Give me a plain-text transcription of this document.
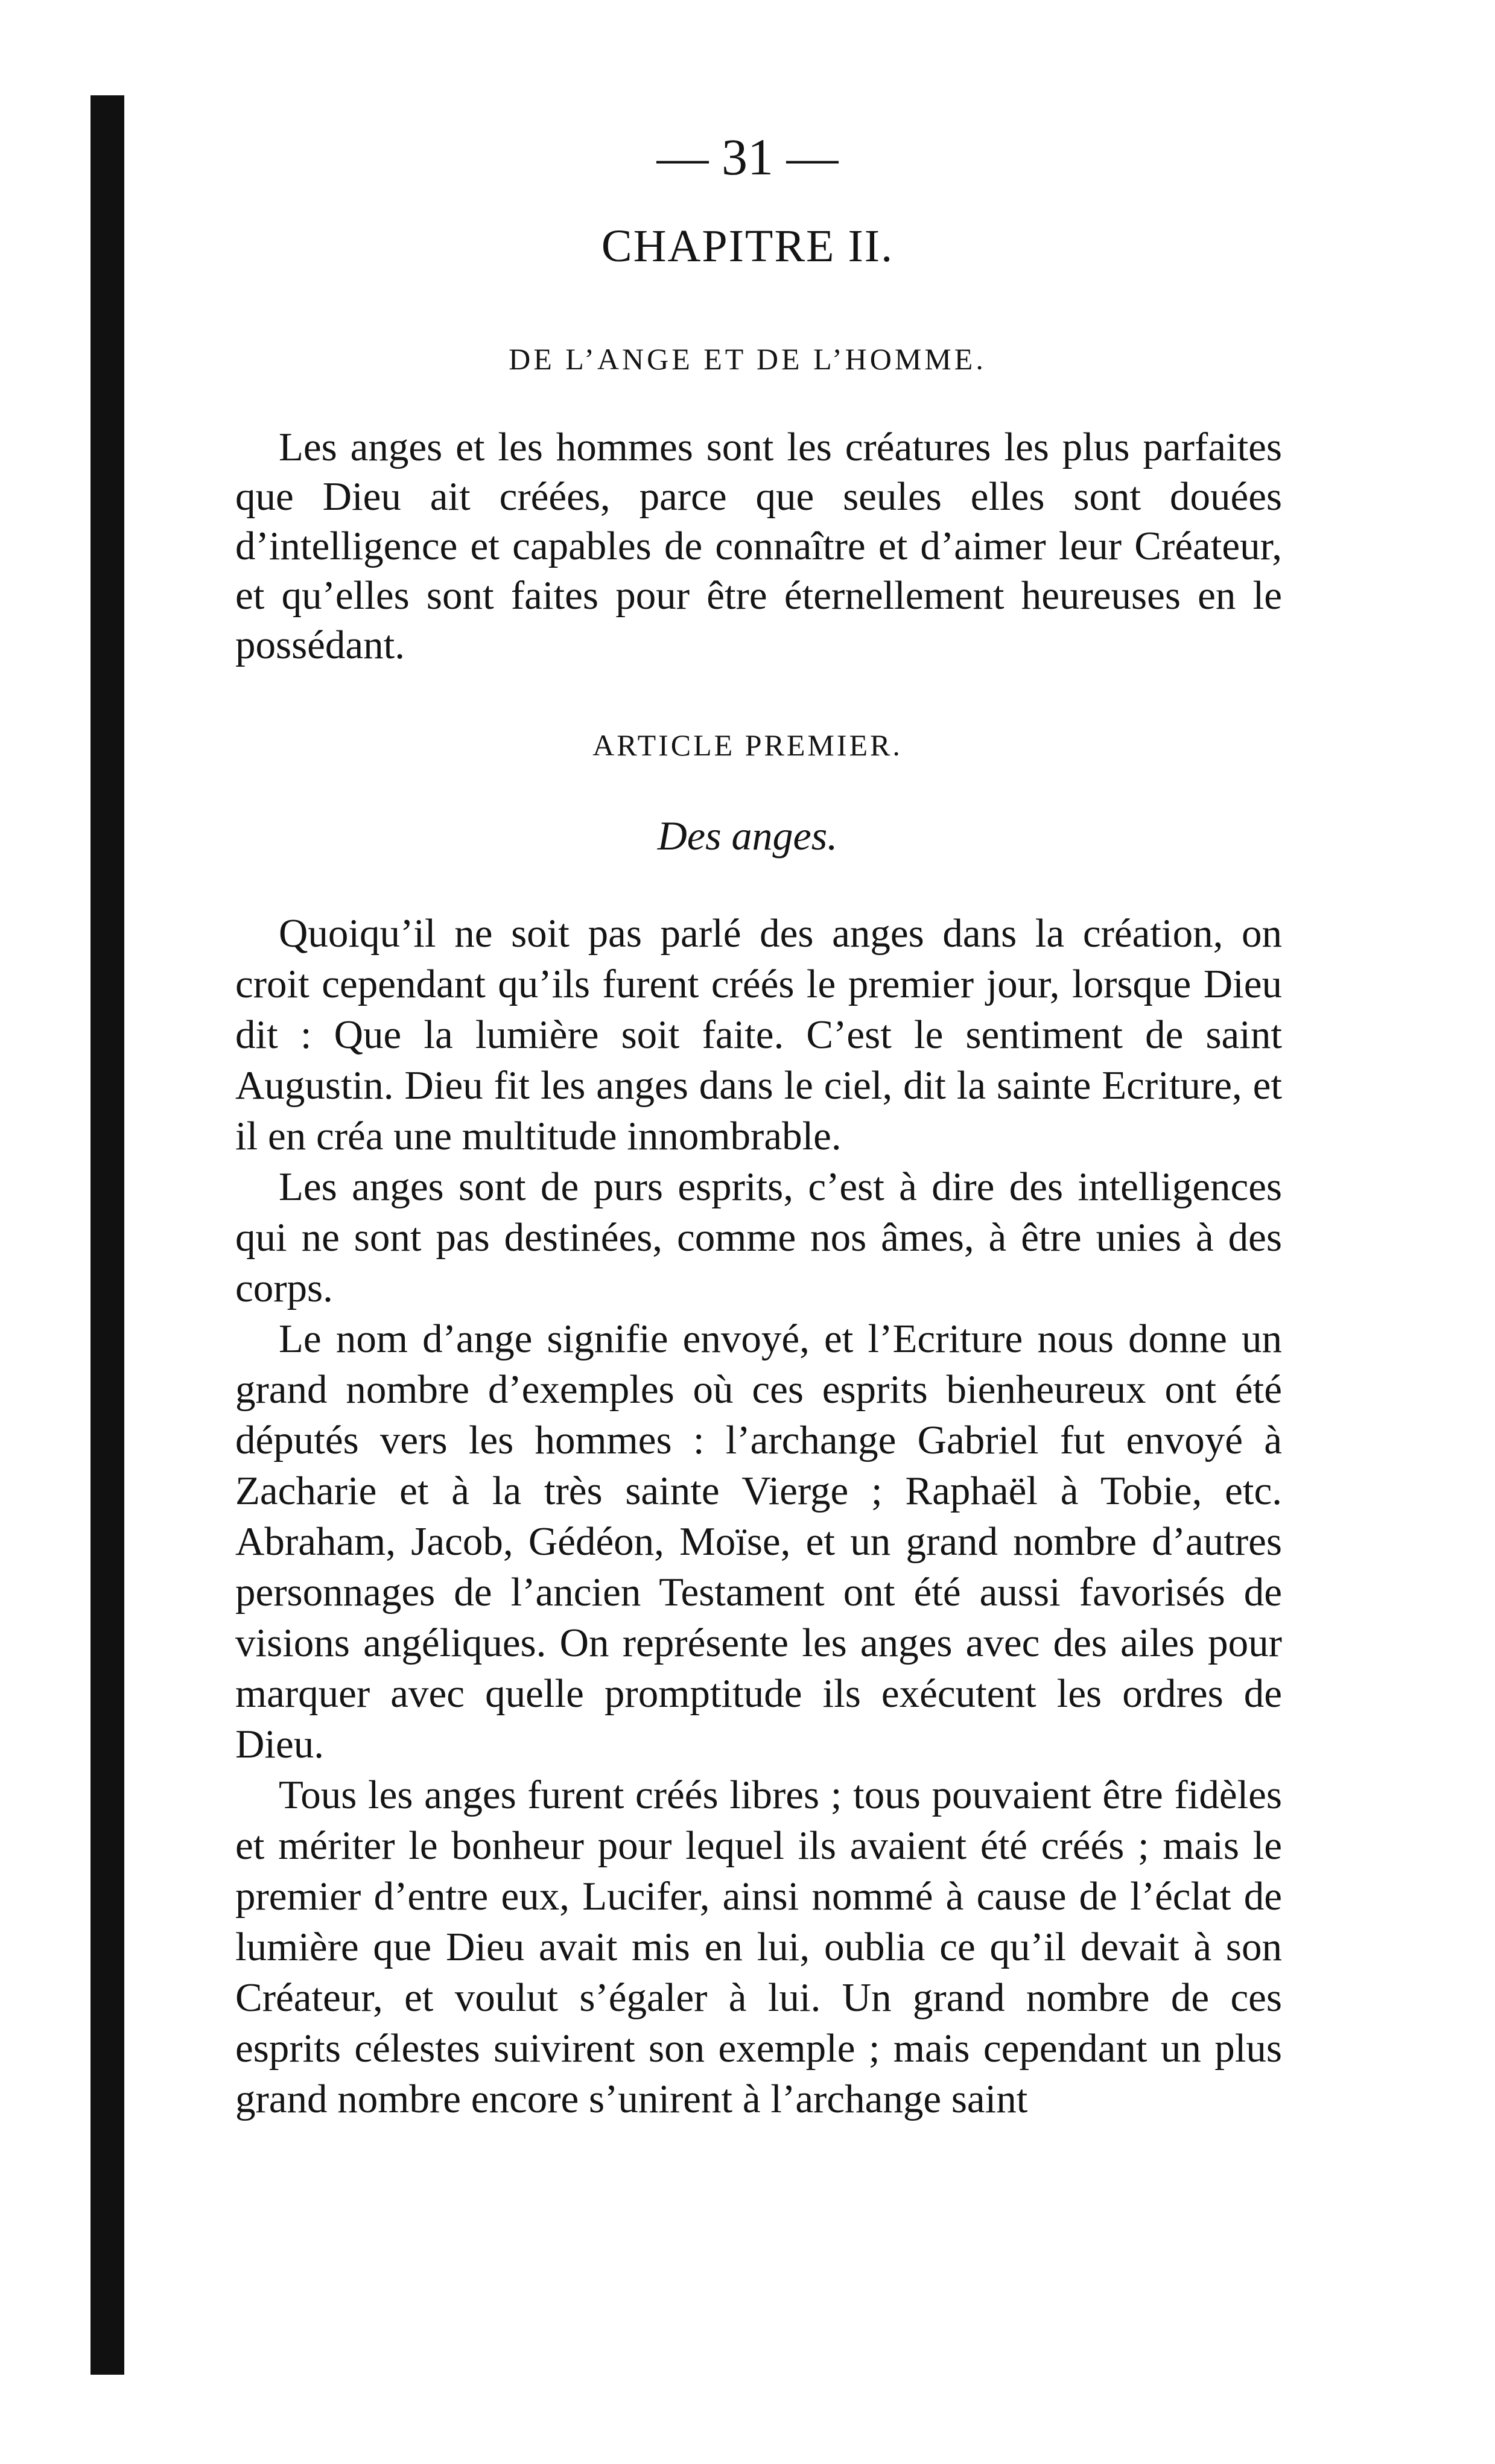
— 31 —
CHAPITRE II.
DE L’ANGE ET DE L’HOMME.

Les anges et les hommes sont les créatures les plus parfaites que Dieu ait créées, parce que seules elles sont douées d’intelligence et capables de connaître et d’aimer leur Créateur, et qu’elles sont faites pour être éternellement heureuses en le possédant.

ARTICLE PREMIER.
Des anges.

Quoiqu’il ne soit pas parlé des anges dans la création, on croit cependant qu’ils furent créés le premier jour, lorsque Dieu dit : Que la lumière soit faite. C’est le sentiment de saint Augustin. Dieu fit les anges dans le ciel, dit la sainte Ecriture, et il en créa une multitude innombrable.

Les anges sont de purs esprits, c’est à dire des intelligences qui ne sont pas destinées, comme nos âmes, à être unies à des corps.

Le nom d’ange signifie envoyé, et l’Ecriture nous donne un grand nombre d’exemples où ces esprits bienheureux ont été députés vers les hommes : l’archange Gabriel fut envoyé à Zacharie et à la très sainte Vierge ; Raphaël à Tobie, etc. Abraham, Jacob, Gédéon, Moïse, et un grand nombre d’autres personnages de l’ancien Testament ont été aussi favorisés de visions angéliques. On représente les anges avec des ailes pour marquer avec quelle promptitude ils exécutent les ordres de Dieu.

Tous les anges furent créés libres ; tous pouvaient être fidèles et mériter le bonheur pour lequel ils avaient été créés ; mais le premier d’entre eux, Lucifer, ainsi nommé à cause de l’éclat de lumière que Dieu avait mis en lui, oublia ce qu’il devait à son Créateur, et voulut s’égaler à lui. Un grand nombre de ces esprits célestes suivirent son exemple ; mais cependant un plus grand nombre encore s’unirent à l’archange saint
